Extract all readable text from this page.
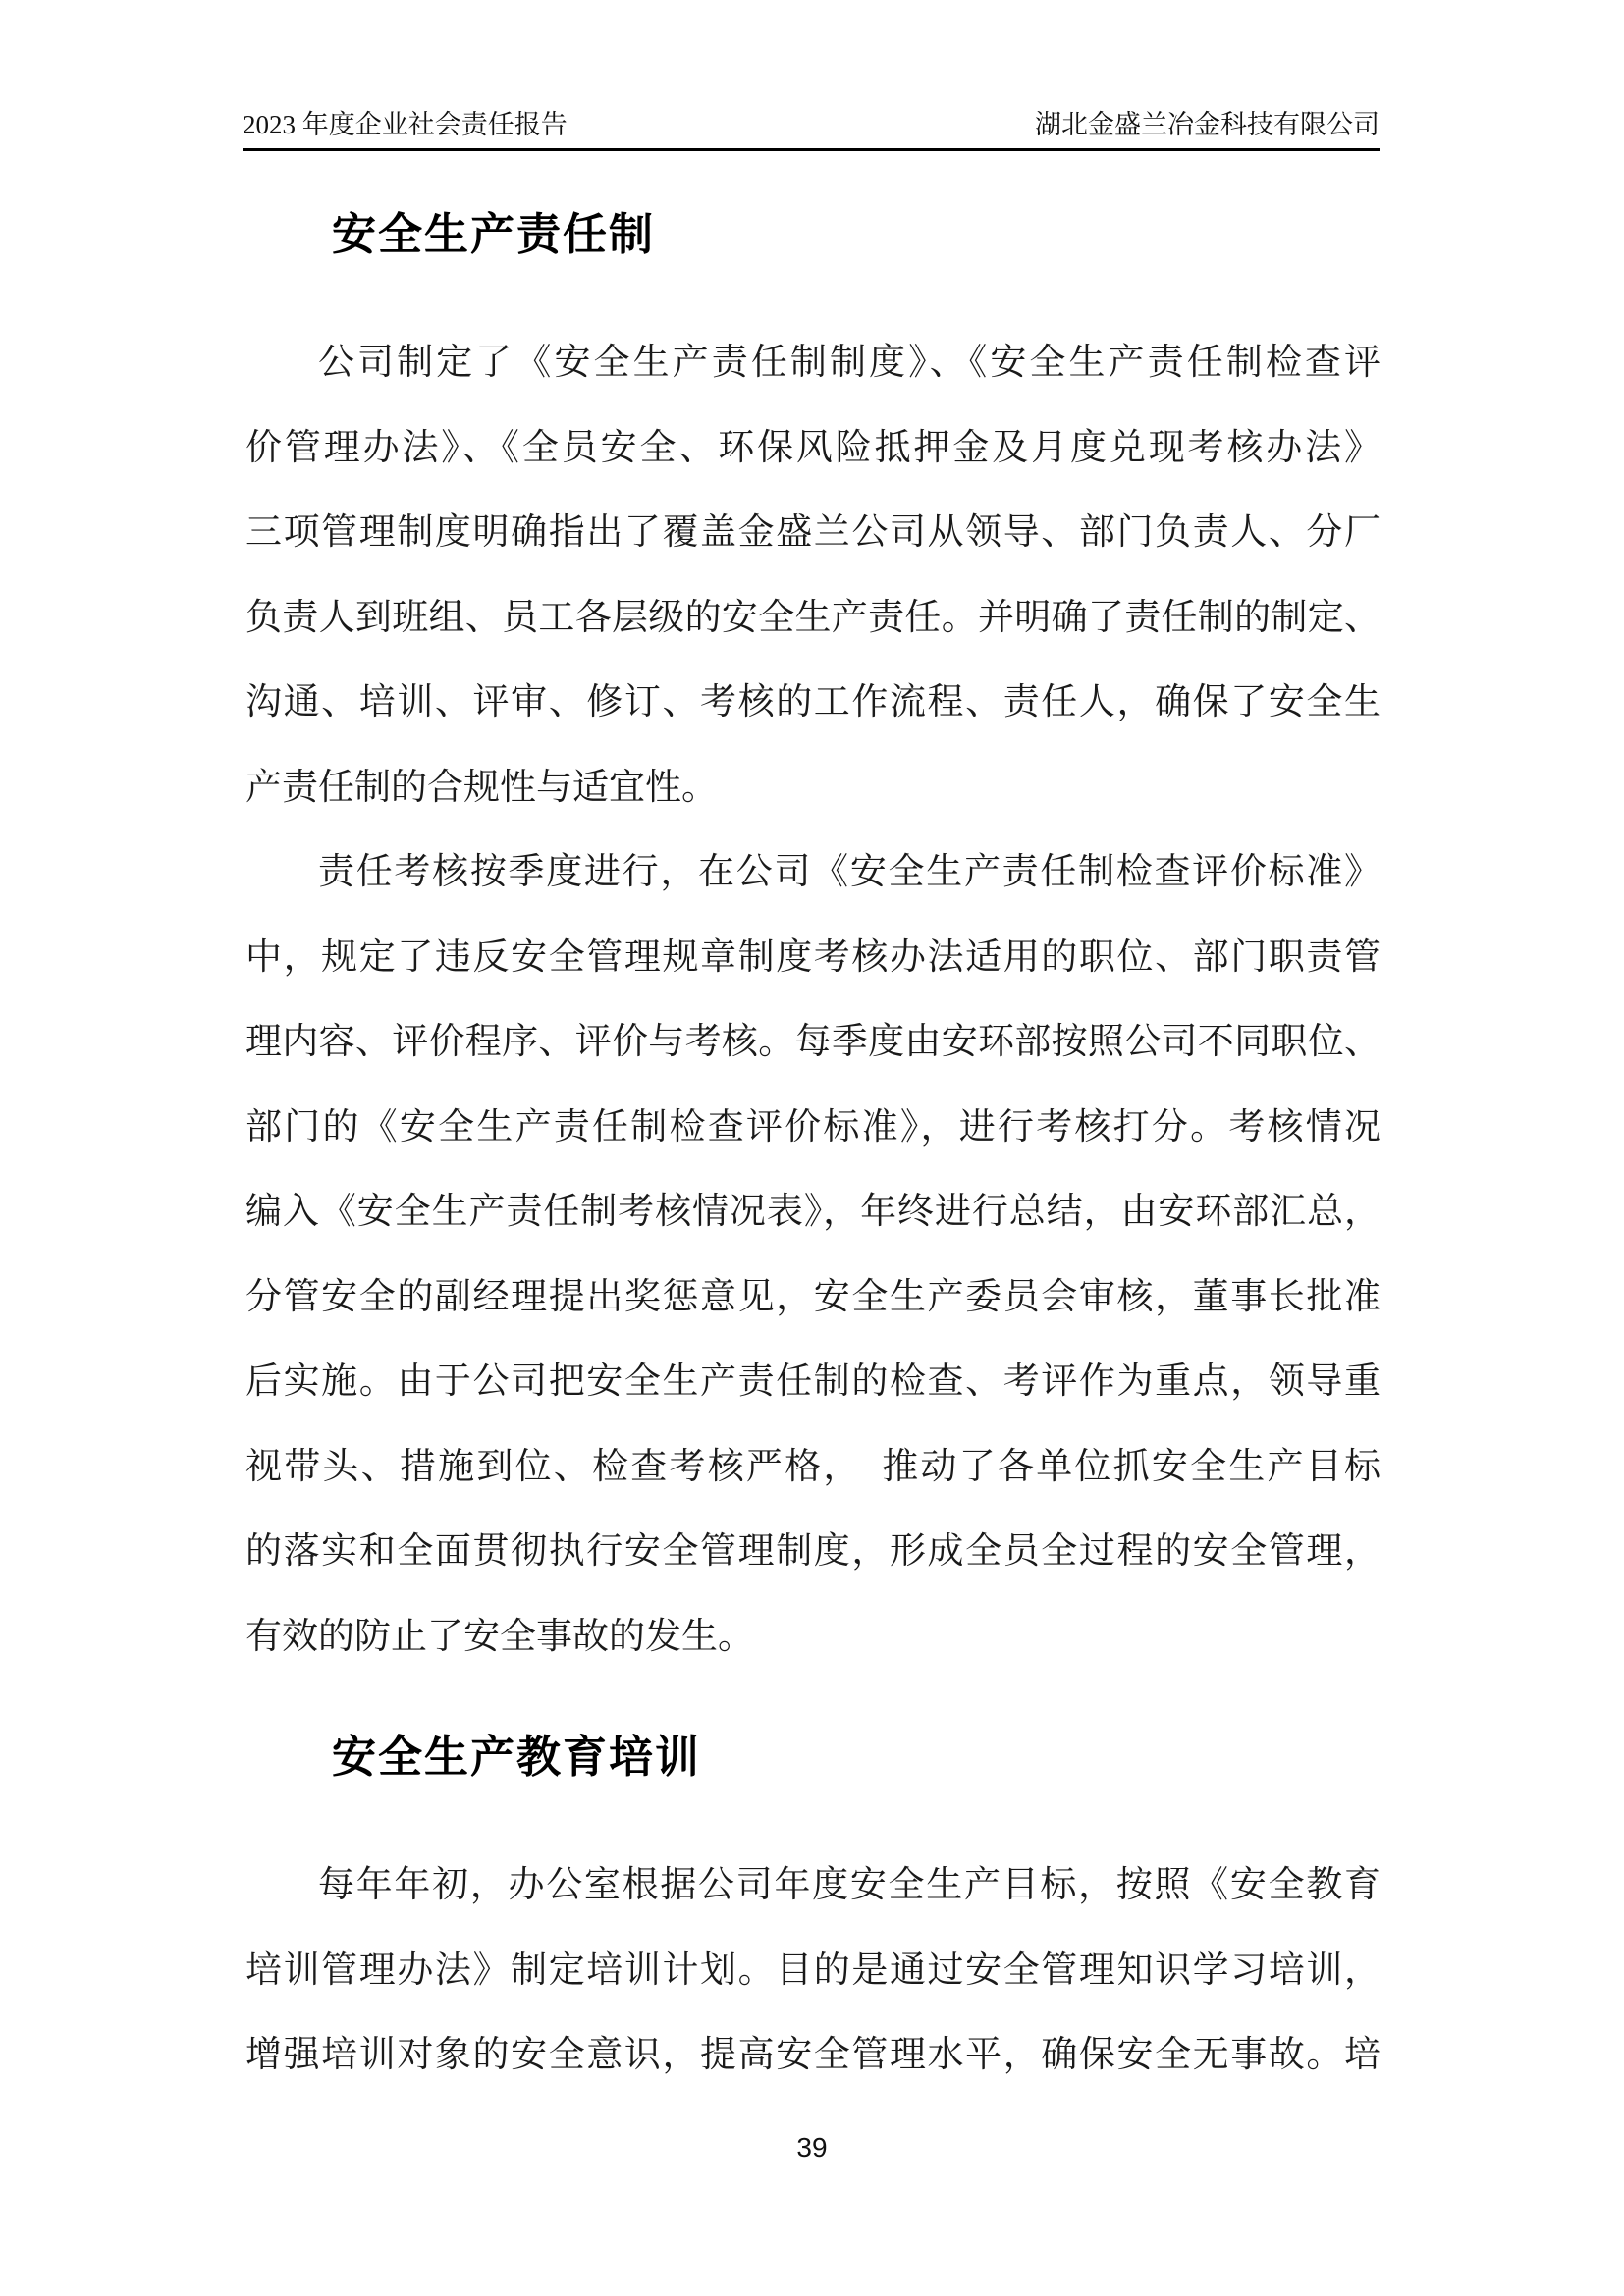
2023 年度企业社会责任报告	湖北金盛兰冶金科技有限公司
安全生产责任制
公司制定了《安全生产责任制制度》、《安全生产责任制检查评
价管理办法》、《全员安全、环保风险抵押金及月度兑现考核办法》
三项管理制度明确指出了覆盖金盛兰公司从领导、部门负责人、分厂
负责人到班组、员工各层级的安全生产责任。并明确了责任制的制定、
沟通、培训、评审、修订、考核的工作流程、责任人，确保了安全生
产责任制的合规性与适宜性。
责任考核按季度进行，在公司《安全生产责任制检查评价标准》
中，规定了违反安全管理规章制度考核办法适用的职位、部门职责管
理内容、评价程序、评价与考核。每季度由安环部按照公司不同职位、
部门的《安全生产责任制检查评价标准》，进行考核打分。考核情况
编入《安全生产责任制考核情况表》，年终进行总结，由安环部汇总，
分管安全的副经理提出奖惩意见，安全生产委员会审核，董事长批准
后实施。由于公司把安全生产责任制的检查、考评作为重点，领导重
视带头、措施到位、检查考核严格，　推动了各单位抓安全生产目标
的落实和全面贯彻执行安全管理制度，形成全员全过程的安全管理，
有效的防止了安全事故的发生。
安全生产教育培训
每年年初，办公室根据公司年度安全生产目标，按照《安全教育
培训管理办法》制定培训计划。目的是通过安全管理知识学习培训，
增强培训对象的安全意识，提高安全管理水平，确保安全无事故。培
39
